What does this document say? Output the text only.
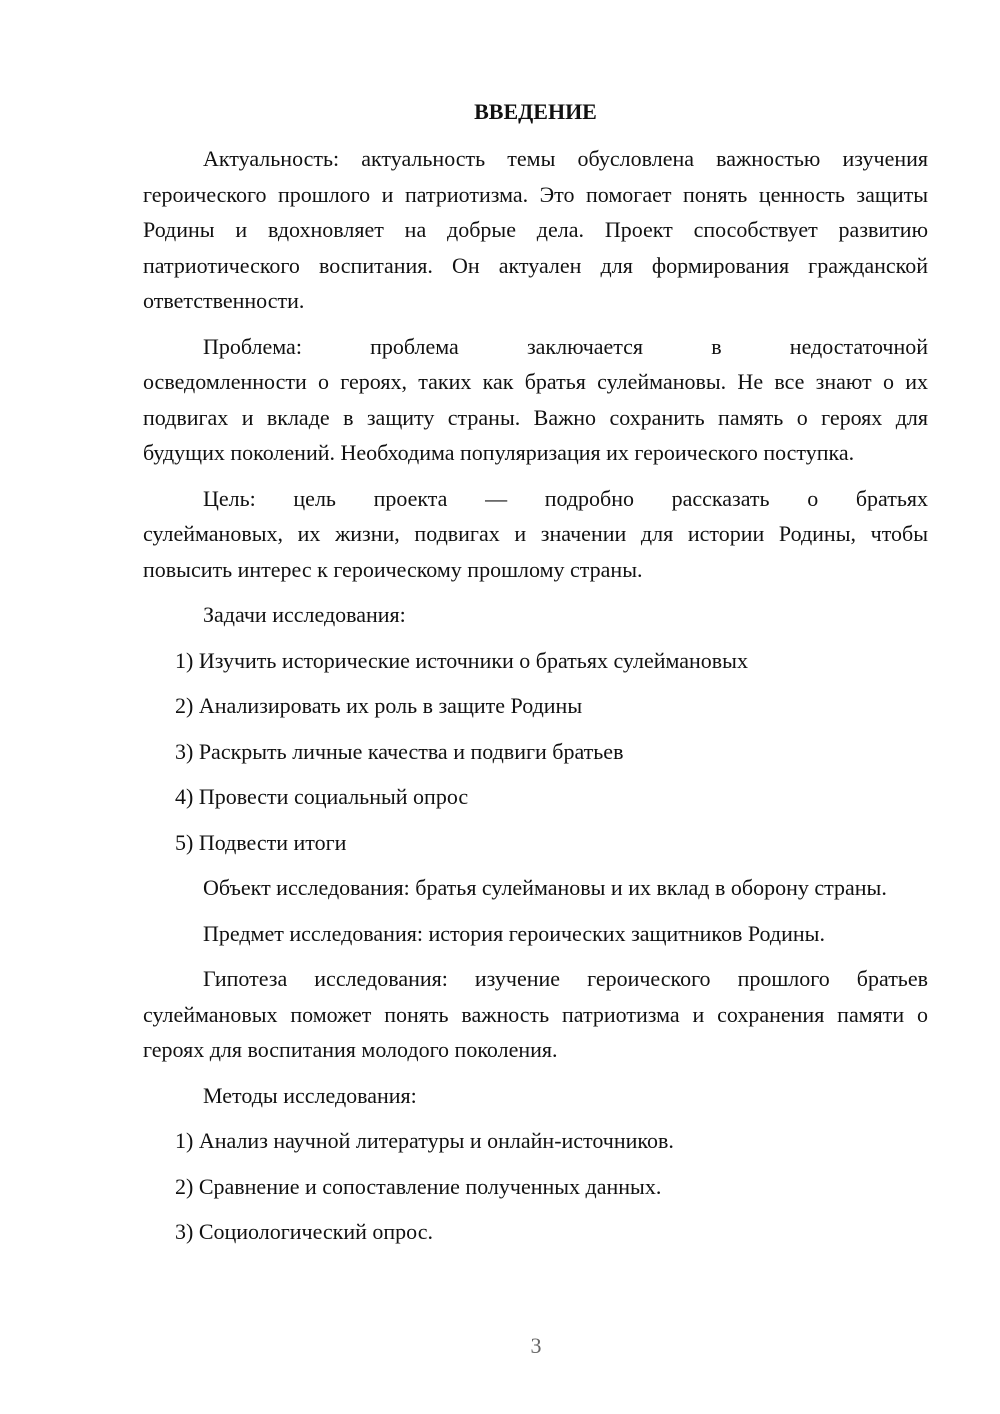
ВВЕДЕНИЕ

Актуальность: актуальность темы обусловлена важностью изучения героического прошлого и патриотизма. Это помогает понять ценность защиты Родины и вдохновляет на добрые дела. Проект способствует развитию патриотического воспитания. Он актуален для формирования гражданской ответственности.

Проблема: проблема заключается в недостаточной

осведомленности о героях, таких как братья сулеймановы. Не все знают о их подвигах и вкладе в защиту страны. Важно сохранить память о героях для будущих поколений. Необходима популяризация их героического поступка.

Цель: цель проекта — подробно рассказать о братьях

сулеймановых, их жизни, подвигах и значении для истории Родины, чтобы повысить интерес к героическому прошлому страны.

Задачи исследования:

1) Изучить исторические источники о братьях сулеймановых
2) Анализировать их роль в защите Родины
3) Раскрыть личные качества и подвиги братьев
4) Провести социальный опрос
5) Подвести итоги

Объект исследования: братья сулеймановы и их вклад в оборону страны.

Предмет исследования: история героических защитников Родины.

Гипотеза исследования: изучение героического прошлого братьев сулеймановых поможет понять важность патриотизма и сохранения памяти о героях для воспитания молодого поколения.

Методы исследования:

1) Анализ научной литературы и онлайн-источников.
2) Сравнение и сопоставление полученных данных.
3) Социологический опрос.
3
